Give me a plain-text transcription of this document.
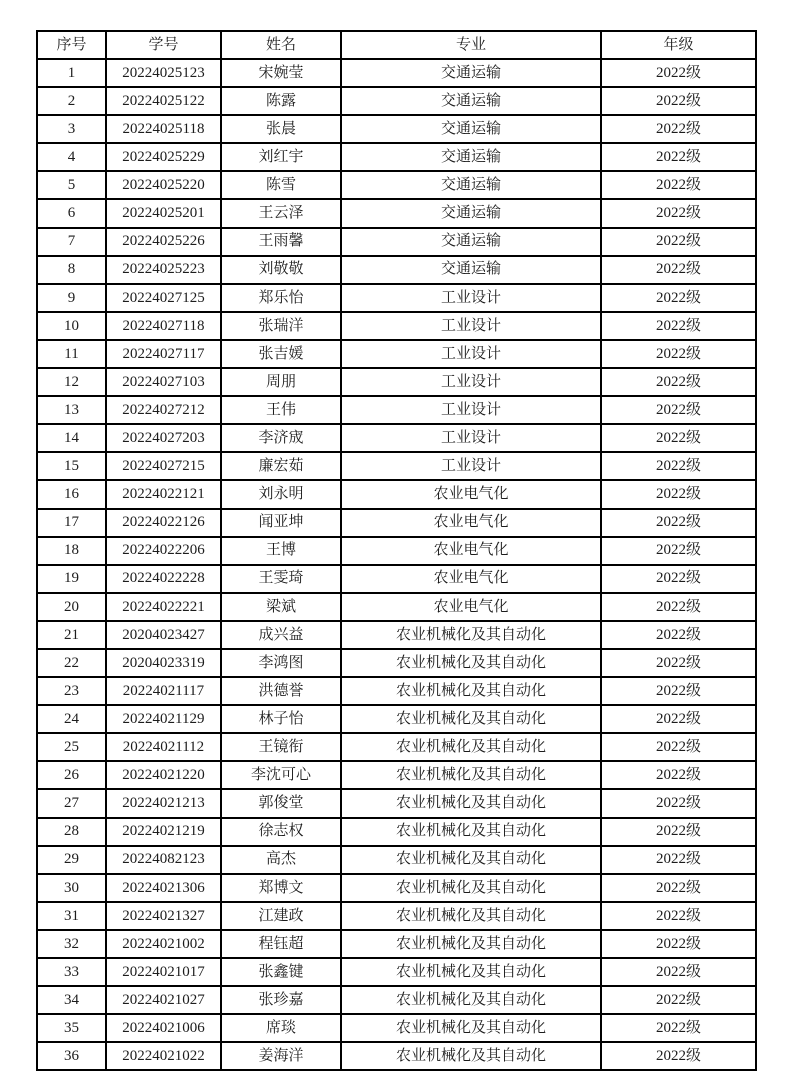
序号	学号	姓名	专业	年级
1	20224025123	宋婉莹	交通运输	2022级
2	20224025122	陈露	交通运输	2022级
3	20224025118	张晨	交通运输	2022级
4	20224025229	刘红宇	交通运输	2022级
5	20224025220	陈雪	交通运输	2022级
6	20224025201	王云泽	交通运输	2022级
7	20224025226	王雨馨	交通运输	2022级
8	20224025223	刘敬敬	交通运输	2022级
9	20224027125	郑乐怡	工业设计	2022级
10	20224027118	张瑞洋	工业设计	2022级
11	20224027117	张吉媛	工业设计	2022级
12	20224027103	周朋	工业设计	2022级
13	20224027212	王伟	工业设计	2022级
14	20224027203	李济宬	工业设计	2022级
15	20224027215	廉宏茹	工业设计	2022级
16	20224022121	刘永明	农业电气化	2022级
17	20224022126	闻亚坤	农业电气化	2022级
18	20224022206	王博	农业电气化	2022级
19	20224022228	王雯琦	农业电气化	2022级
20	20224022221	梁斌	农业电气化	2022级
21	20204023427	成兴益	农业机械化及其自动化	2022级
22	20204023319	李鸿图	农业机械化及其自动化	2022级
23	20224021117	洪德誉	农业机械化及其自动化	2022级
24	20224021129	林子怡	农业机械化及其自动化	2022级
25	20224021112	王镜衔	农业机械化及其自动化	2022级
26	20224021220	李沈可心	农业机械化及其自动化	2022级
27	20224021213	郭俊堂	农业机械化及其自动化	2022级
28	20224021219	徐志权	农业机械化及其自动化	2022级
29	20224082123	高杰	农业机械化及其自动化	2022级
30	20224021306	郑博文	农业机械化及其自动化	2022级
31	20224021327	江建政	农业机械化及其自动化	2022级
32	20224021002	程钰超	农业机械化及其自动化	2022级
33	20224021017	张鑫键	农业机械化及其自动化	2022级
34	20224021027	张珍嘉	农业机械化及其自动化	2022级
35	20224021006	席琰	农业机械化及其自动化	2022级
36	20224021022	姜海洋	农业机械化及其自动化	2022级
